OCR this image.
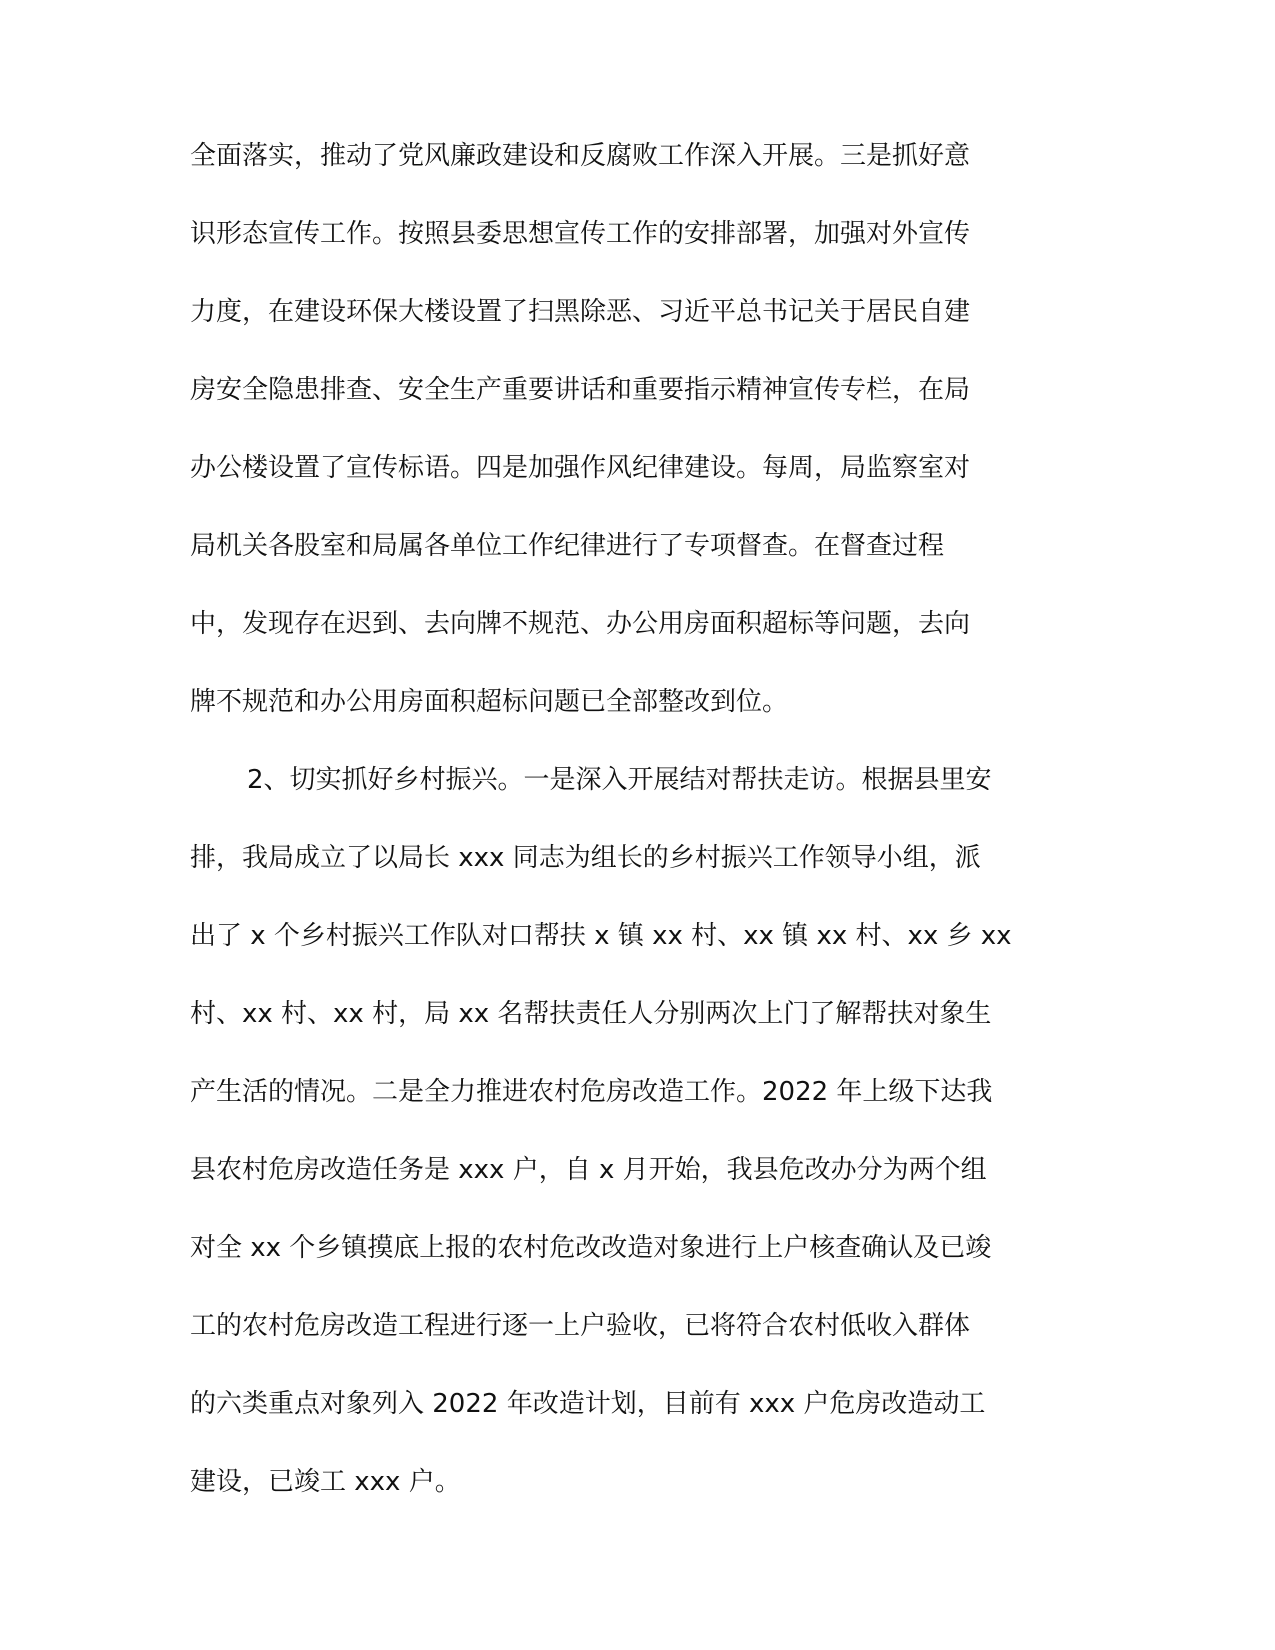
全面落实，推动了党风廉政建设和反腐败工作深入开展。三是抓好意
识形态宣传工作。按照县委思想宣传工作的安排部署，加强对外宣传
力度，在建设环保大楼设置了扫黑除恶、习近平总书记关于居民自建
房安全隐患排查、安全生产重要讲话和重要指示精神宣传专栏，在局
办公楼设置了宣传标语。四是加强作风纪律建设。每周，局监察室对
局机关各股室和局属各单位工作纪律进行了专项督查。在督查过程
中，发现存在迟到、去向牌不规范、办公用房面积超标等问题，去向
牌不规范和办公用房面积超标问题已全部整改到位。
2、切实抓好乡村振兴。一是深入开展结对帮扶走访。根据县里安
排，我局成立了以局长 xxx 同志为组长的乡村振兴工作领导小组，派
出了 x 个乡村振兴工作队对口帮扶 x 镇 xx 村、xx 镇 xx 村、xx 乡 xx
村、xx 村、xx 村，局 xx 名帮扶责任人分别两次上门了解帮扶对象生
产生活的情况。二是全力推进农村危房改造工作。2022 年上级下达我
县农村危房改造任务是 xxx 户，自 x 月开始，我县危改办分为两个组
对全 xx 个乡镇摸底上报的农村危改改造对象进行上户核查确认及已竣
工的农村危房改造工程进行逐一上户验收，已将符合农村低收入群体
的六类重点对象列入 2022 年改造计划，目前有 xxx 户危房改造动工
建设，已竣工 xxx 户。
